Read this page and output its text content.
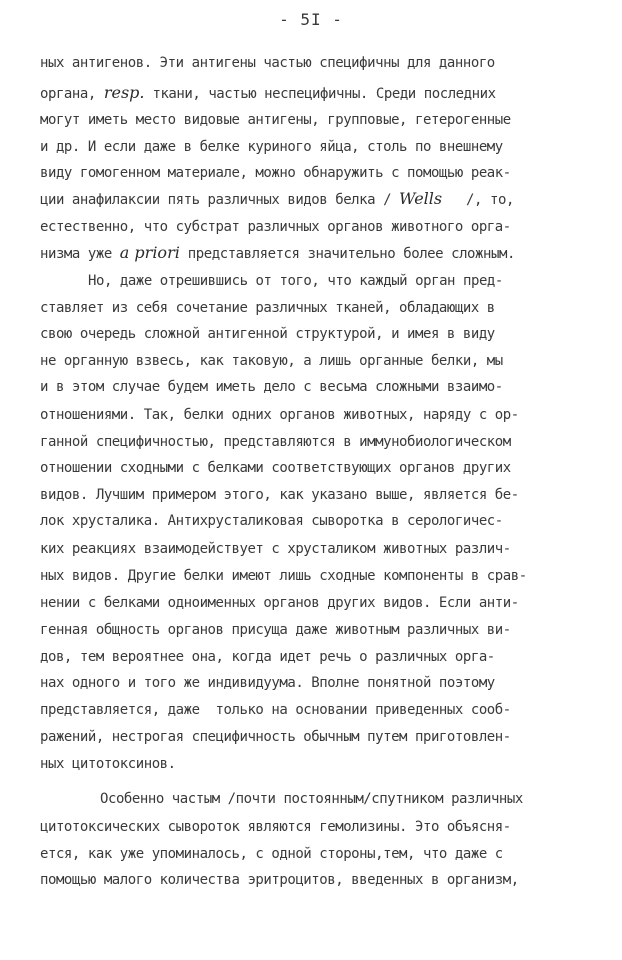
- 5I -
ных антигенов. Эти антигены частью специфичны для данного
органа, resp. ткани, частью неспецифичны. Среди последних
могут иметь место видовые антигены, групповые, гетерогенные
и др. И если даже в белке куриного яйца, столь по внешнему
виду гомогенном материале, можно обнаружить с помощью реак-
ции анафилаксии пять различных видов белка / Wells   /, то,
естественно, что субстрат различных органов животного орга-
низма уже a priori представляется значительно более сложным.
Но, даже отрешившись от того, что каждый орган пред-
ставляет из себя сочетание различных тканей, обладающих в
свою очередь сложной антигенной структурой, и имея в виду
не органную взвесь, как таковую, а лишь органные белки, мы
и в этом случае будем иметь дело с весьма сложными взаимо-
отношениями. Так, белки одних органов животных, наряду с ор-
ганной специфичностью, представляются в иммунобиологическом
отношении сходными с белками соответствующих органов других
видов. Лучшим примером этого, как указано выше, является бе-
лок хрусталика. Антихрусталиковая сыворотка в серологичес-
ких реакциях взаимодействует с хрусталиком животных различ-
ных видов. Другие белки имеют лишь сходные компоненты в срав-
нении с белками одноименных органов других видов. Если анти-
генная общность органов присуща даже животным различных ви-
дов, тем вероятнее она, когда идет речь о различных орга-
нах одного и того же индивидуума. Вполне понятной поэтому
представляется, даже  только на основании приведенных сооб-
ражений, нестрогая специфичность обычным путем приготовлен-
ных цитотоксинов.
Особенно частым /почти постоянным/спутником различных
цитотоксических сывороток являются гемолизины. Это объясня-
ется, как уже упоминалось, с одной стороны,тем, что даже с
помощью малого количества эритроцитов, введенных в организм,
